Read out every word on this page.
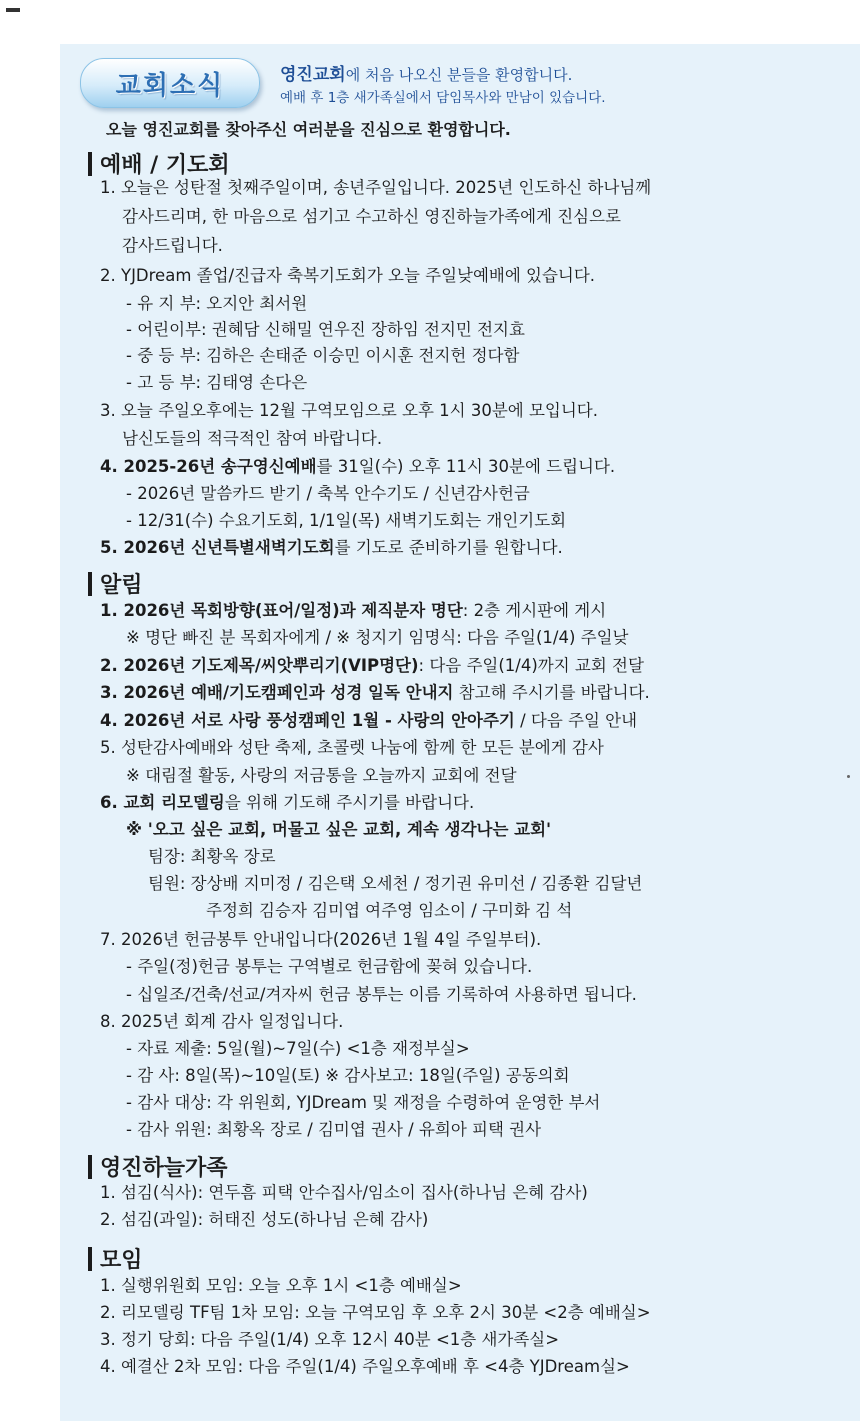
교회소식	영진교회에 처음 나오신 분들을 환영합니다.
예배 후 1층 새가족실에서 담임목사와 만남이 있습니다.
오늘 영진교회를 찾아주신 여러분을 진심으로 환영합니다.
예배 / 기도회
1. 오늘은 성탄절 첫째주일이며, 송년주일입니다. 2025년 인도하신 하나님께
감사드리며, 한 마음으로 섬기고 수고하신 영진하늘가족에게 진심으로
감사드립니다.
2. YJDream 졸업/진급자 축복기도회가 오늘 주일낮예배에 있습니다.
- 유 지 부: 오지안 최서원
- 어린이부: 권혜담 신해밀 연우진 장하임 전지민 전지효
- 중 등 부: 김하은 손태준 이승민 이시훈 전지헌 정다함
- 고 등 부: 김태영 손다은
3. 오늘 주일오후에는 12월 구역모임으로 오후 1시 30분에 모입니다.
남신도들의 적극적인 참여 바랍니다.
4. 2025-26년 송구영신예배를 31일(수) 오후 11시 30분에 드립니다.
- 2026년 말씀카드 받기 / 축복 안수기도 / 신년감사헌금
- 12/31(수) 수요기도회, 1/1일(목) 새벽기도회는 개인기도회
5. 2026년 신년특별새벽기도회를 기도로 준비하기를 원합니다.
알림
1. 2026년 목회방향(표어/일정)과 제직분자 명단: 2층 게시판에 게시
※ 명단 빠진 분 목회자에게 / ※ 청지기 임명식: 다음 주일(1/4) 주일낮
2. 2026년 기도제목/씨앗뿌리기(VIP명단): 다음 주일(1/4)까지 교회 전달
3. 2026년 예배/기도캠페인과 성경 일독 안내지 참고해 주시기를 바랍니다.
4. 2026년 서로 사랑 풍성캠페인 1월 - 사랑의 안아주기 / 다음 주일 안내
5. 성탄감사예배와 성탄 축제, 초콜렛 나눔에 함께 한 모든 분에게 감사
※ 대림절 활동, 사랑의 저금통을 오늘까지 교회에 전달
6. 교회 리모델링을 위해 기도해 주시기를 바랍니다.
※ '오고 싶은 교회, 머물고 싶은 교회, 계속 생각나는 교회'
팀장: 최황옥 장로
팀원: 장상배 지미정 / 김은택 오세천 / 정기권 유미선 / 김종환 김달년
주정희 김승자 김미엽 여주영 임소이 / 구미화 김 석
7. 2026년 헌금봉투 안내입니다(2026년 1월 4일 주일부터).
- 주일(정)헌금 봉투는 구역별로 헌금함에 꽂혀 있습니다.
- 십일조/건축/선교/겨자씨 헌금 봉투는 이름 기록하여 사용하면 됩니다.
8. 2025년 회계 감사 일정입니다.
- 자료 제출: 5일(월)~7일(수) <1층 재정부실>
- 감 사: 8일(목)~10일(토) ※ 감사보고: 18일(주일) 공동의회
- 감사 대상: 각 위원회, YJDream 및 재정을 수령하여 운영한 부서
- 감사 위원: 최황옥 장로 / 김미엽 권사 / 유희아 피택 권사
영진하늘가족
1. 섬김(식사): 연두흠 피택 안수집사/임소이 집사(하나님 은혜 감사)
2. 섬김(과일): 허태진 성도(하나님 은혜 감사)
모임
1. 실행위원회 모임: 오늘 오후 1시 <1층 예배실>
2. 리모델링 TF팀 1차 모임: 오늘 구역모임 후 오후 2시 30분 <2층 예배실>
3. 정기 당회: 다음 주일(1/4) 오후 12시 40분 <1층 새가족실>
4. 예결산 2차 모임: 다음 주일(1/4) 주일오후예배 후 <4층 YJDream실>
